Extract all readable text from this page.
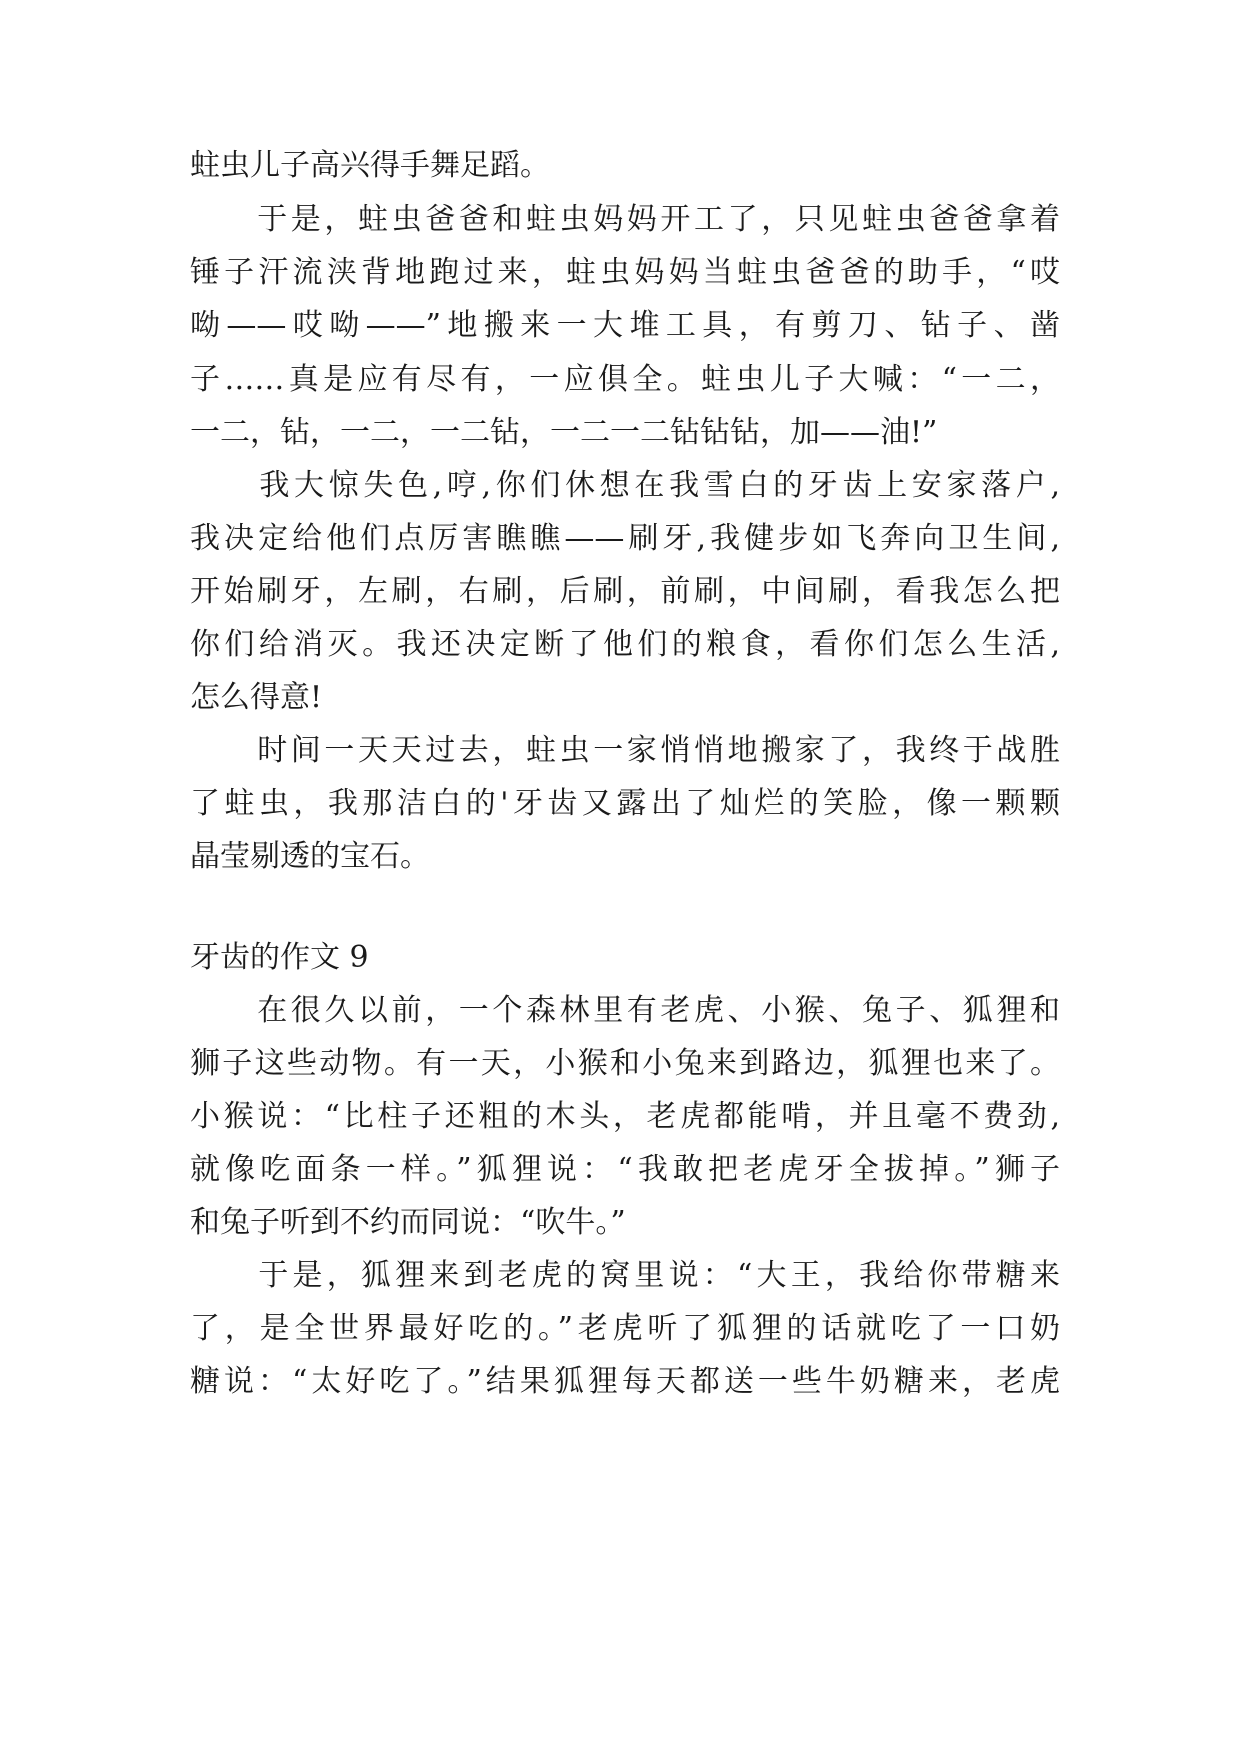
蛀虫儿子高兴得手舞足蹈。
　　于是，蛀虫爸爸和蛀虫妈妈开工了，只见蛀虫爸爸拿着
锤子汗流浃背地跑过来，蛀虫妈妈当蛀虫爸爸的助手，“哎
呦——哎呦——”地搬来一大堆工具，有剪刀、钻子、凿
子……真是应有尽有，一应俱全。蛀虫儿子大喊：“一二，
一二，钻，一二，一二钻，一二一二钻钻钻，加——油!”
　　我大惊失色,哼,你们休想在我雪白的牙齿上安家落户,
我决定给他们点厉害瞧瞧——刷牙,我健步如飞奔向卫生间,
开始刷牙，左刷，右刷，后刷，前刷，中间刷，看我怎么把
你们给消灭。我还决定断了他们的粮食，看你们怎么生活,
怎么得意!
　　时间一天天过去，蛀虫一家悄悄地搬家了，我终于战胜
了蛀虫，我那洁白的'牙齿又露出了灿烂的笑脸，像一颗颗
晶莹剔透的宝石。
牙齿的作文 9
　　在很久以前，一个森林里有老虎、小猴、兔子、狐狸和
狮子这些动物。有一天，小猴和小兔来到路边，狐狸也来了。
小猴说：“比柱子还粗的木头，老虎都能啃，并且毫不费劲,
就像吃面条一样。”狐狸说：“我敢把老虎牙全拔掉。”狮子
和兔子听到不约而同说：“吹牛。”
　　于是，狐狸来到老虎的窝里说：“大王，我给你带糖来
了，是全世界最好吃的。”老虎听了狐狸的话就吃了一口奶
糖说：“太好吃了。”结果狐狸每天都送一些牛奶糖来，老虎
